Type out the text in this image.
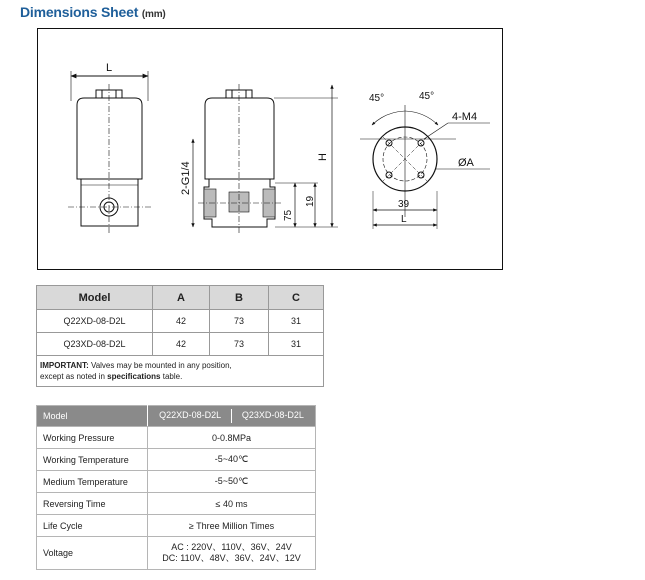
Dimensions Sheet (mm)
L
2-G1/4
H
75
19
45°	45°
4-M4
ØA
39
L
Model	A	B	C
Q22XD-08-D2L	42	73	31
Q23XD-08-D2L	42	73	31
IMPORTANT: Valves may be mounted in any position,
except as noted in specifications table.			
Model	Q22XD-08-D2L Q23XD-08-D2L
Working Pressure	0-0.8MPa
Working Temperature	-5~40℃
Medium Temperature	-5~50℃
Reversing Time	≤ 40 ms
Life Cycle	≥ Three Million Times
Voltage	AC : 220V、110V、36V、24V
DC: 110V、48V、36V、24V、12V
